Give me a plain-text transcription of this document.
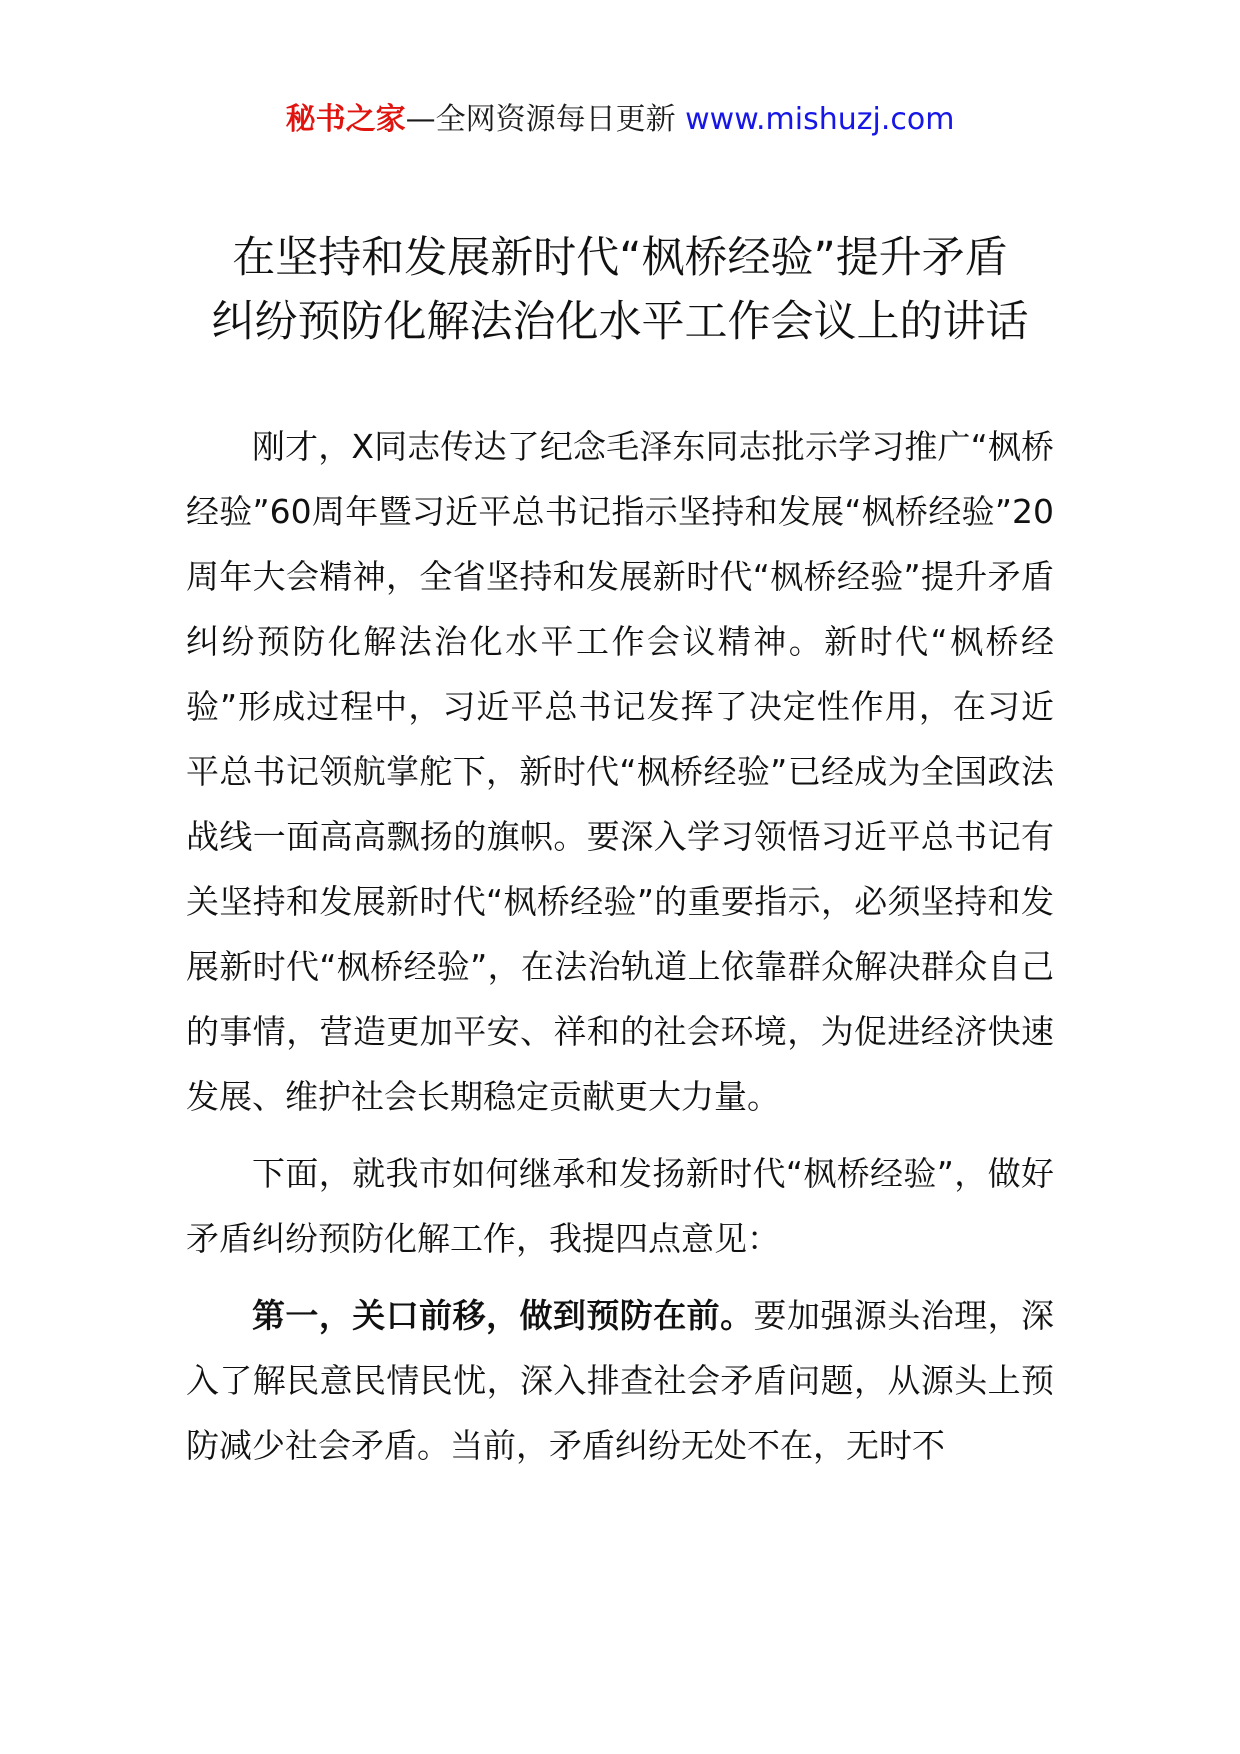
秘书之家—全网资源每日更新 www.mishuzj.com
在坚持和发展新时代“枫桥经验”提升矛盾
纠纷预防化解法治化水平工作会议上的讲话

刚才，X同志传达了纪念毛泽东同志批示学习推广“枫桥经验”60周年暨习近平总书记指示坚持和发展“枫桥经验”20周年大会精神，全省坚持和发展新时代“枫桥经验”提升矛盾纠纷预防化解法治化水平工作会议精神。新时代“枫桥经验”形成过程中，习近平总书记发挥了决定性作用，在习近平总书记领航掌舵下，新时代“枫桥经验”已经成为全国政法战线一面高高飘扬的旗帜。要深入学习领悟习近平总书记有关坚持和发展新时代“枫桥经验”的重要指示，必须坚持和发展新时代“枫桥经验”，在法治轨道上依靠群众解决群众自己的事情，营造更加平安、祥和的社会环境，为促进经济快速发展、维护社会长期稳定贡献更大力量。

下面，就我市如何继承和发扬新时代“枫桥经验”，做好矛盾纠纷预防化解工作，我提四点意见：

第一，关口前移，做到预防在前。要加强源头治理，深入了解民意民情民忧，深入排查社会矛盾问题，从源头上预防减少社会矛盾。当前，矛盾纠纷无处不在，无时不
